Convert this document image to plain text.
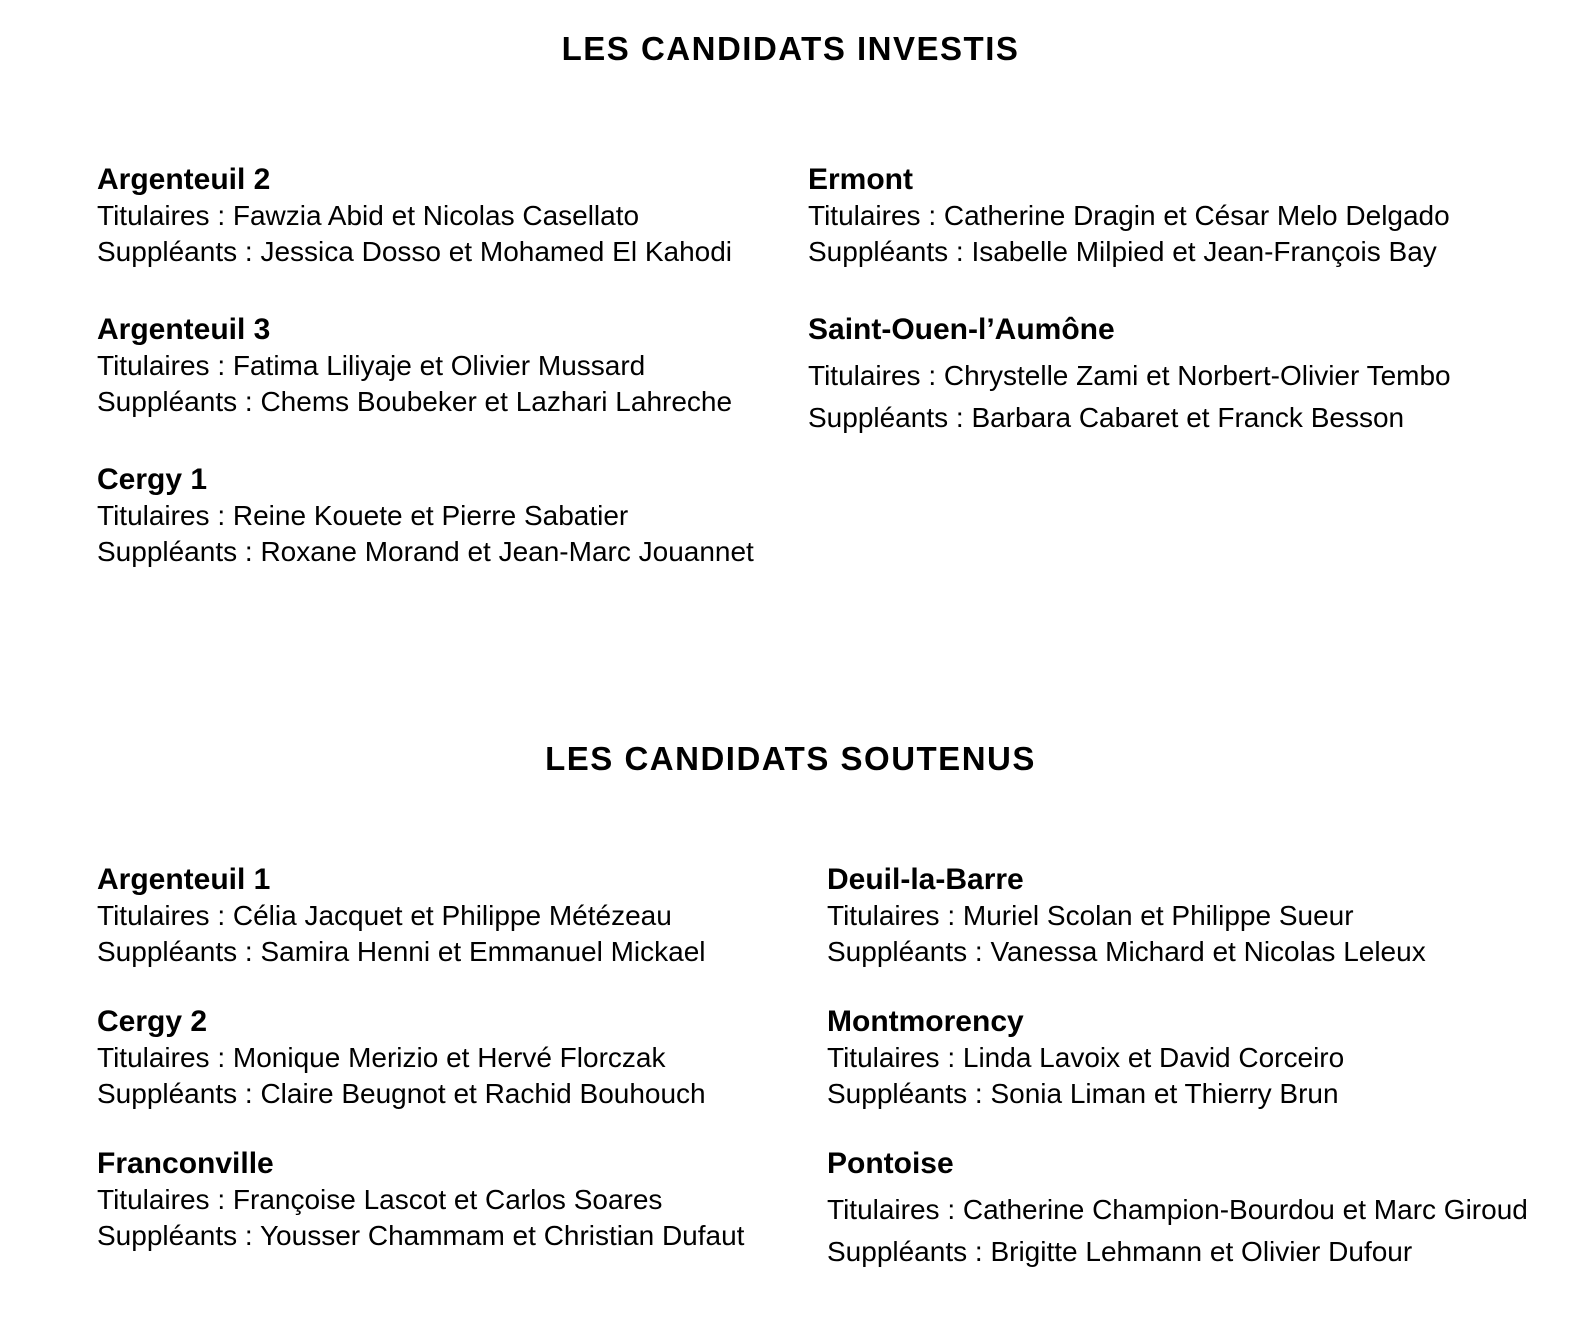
LES CANDIDATS INVESTIS
Argenteuil 2

Titulaires : Fawzia Abid et Nicolas Casellato

Suppléants : Jessica Dosso et Mohamed El Kahodi

Argenteuil 3

Titulaires : Fatima Liliyaje et Olivier Mussard

Suppléants : Chems Boubeker et Lazhari Lahreche

Cergy 1

Titulaires : Reine Kouete et Pierre Sabatier

Suppléants : Roxane Morand et Jean-Marc Jouannet

Ermont

Titulaires : Catherine Dragin et César Melo Delgado

Suppléants : Isabelle Milpied et Jean-François Bay

Saint-Ouen-l’Aumône

Titulaires : Chrystelle Zami et Norbert-Olivier Tembo

Suppléants : Barbara Cabaret et Franck Besson

LES CANDIDATS SOUTENUS
Argenteuil 1

Titulaires : Célia Jacquet et Philippe Métézeau

Suppléants : Samira Henni et Emmanuel Mickael

Cergy 2

Titulaires : Monique Merizio et Hervé Florczak

Suppléants : Claire Beugnot et Rachid Bouhouch

Franconville

Titulaires : Françoise Lascot et Carlos Soares

Suppléants : Yousser Chammam et Christian Dufaut

Deuil-la-Barre

Titulaires : Muriel Scolan et Philippe Sueur

Suppléants : Vanessa Michard et Nicolas Leleux

Montmorency

Titulaires : Linda Lavoix et David Corceiro

Suppléants : Sonia Liman et Thierry Brun

Pontoise

Titulaires : Catherine Champion-Bourdou et Marc Giroud

Suppléants : Brigitte Lehmann et Olivier Dufour
